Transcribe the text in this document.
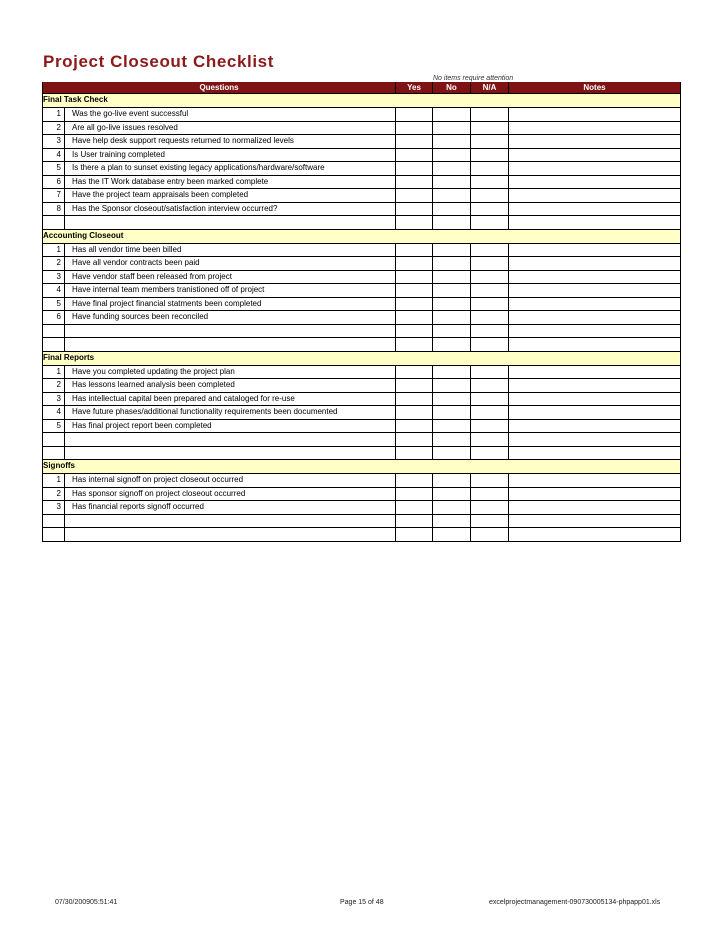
Project Closeout Checklist
No items require attention
Questions		Yes	No	N/A	Notes

Final Task Check					

1	Was the go-live event successful				
2	Are all go-live issues resolved				
3	Have help desk support requests returned to normalized levels				
4	Is User training completed				
5	Is there a plan to sunset existing legacy applications/hardware/software				
6	Has the IT Work database entry been marked complete				
7	Have the project team appraisals been completed				
8	Has the Sponsor closeout/satisfaction interview occurred?				

Accounting Closeout					

1	Has all vendor time been billed				
2	Have all vendor contracts been paid				
3	Have vendor staff been released from project				
4	Have internal team members tranistioned off of project				
5	Have final project financial statments been completed				
6	Have funding sources been reconciled				

Final Reports					

1	Have you completed updating the project plan				
2	Has lessons learned analysis been completed				
3	Has intellectual capital been prepared and cataloged for re-use				
4	Have future phases/additional functionality requirements been documented				
5	Has final project report been completed				

Signoffs					

1	Has internal signoff on project closeout occurred				
2	Has sponsor signoff on project closeout occurred				
3	Has financial reports signoff occurred				

07/30/200905:51:41	Page 15 of 48	excelprojectmanagement-090730005134-phpapp01.xls
